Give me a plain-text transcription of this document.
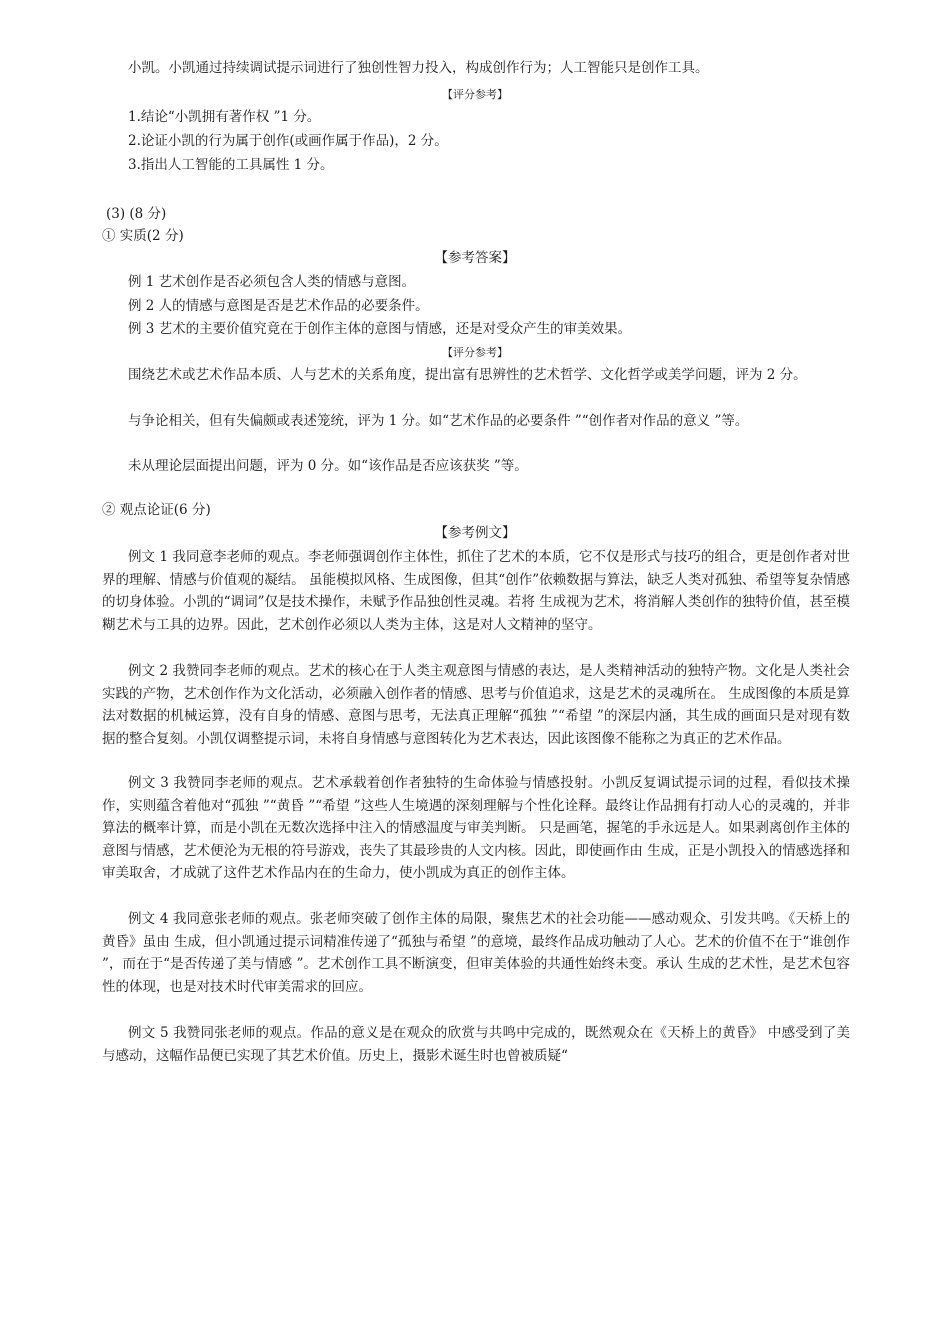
小凯。小凯通过持续调试提示词进行了独创性智力投入，构成创作行为；人工智能只是创作工具。
【评分参考】
1.结论“小凯拥有著作权 ”1 分。
2.论证小凯的行为属于创作(或画作属于作品)，2 分。
3.指出人工智能的工具属性 1 分。
(3) (8 分)
① 实质(2 分)
【参考答案】
例 1 艺术创作是否必须包含人类的情感与意图。
例 2 人的情感与意图是否是艺术作品的必要条件。
例 3 艺术的主要价值究竟在于创作主体的意图与情感，还是对受众产生的审美效果。
【评分参考】

围绕艺术或艺术作品本质、人与艺术的关系角度，提出富有思辨性的艺术哲学、文化哲学或美学问题，评为 2 分。

与争论相关，但有失偏颇或表述笼统，评为 1 分。如“艺术作品的必要条件 ”“创作者对作品的意义 ”等。

未从理论层面提出问题，评为 0 分。如“该作品是否应该获奖 ”等。

② 观点论证(6 分)
【参考例文】

例文 1 我同意李老师的观点。李老师强调创作主体性，抓住了艺术的本质，它不仅是形式与技巧的组合，更是创作者对世界的理解、情感与价值观的凝结。 虽能模拟风格、生成图像，但其“创作”依赖数据与算法，缺乏人类对孤独、希望等复杂情感的切身体验。小凯的“调词”仅是技术操作，未赋予作品独创性灵魂。若将 生成视为艺术，将消解人类创作的独特价值，甚至模糊艺术与工具的边界。因此，艺术创作必须以人类为主体，这是对人文精神的坚守。

例文 2 我赞同李老师的观点。艺术的核心在于人类主观意图与情感的表达，是人类精神活动的独特产物。文化是人类社会实践的产物，艺术创作作为文化活动，必须融入创作者的情感、思考与价值追求，这是艺术的灵魂所在。 生成图像的本质是算法对数据的机械运算，没有自身的情感、意图与思考，无法真正理解“孤独 ”“希望 ”的深层内涵，其生成的画面只是对现有数据的整合复刻。小凯仅调整提示词，未将自身情感与意图转化为艺术表达，因此该图像不能称之为真正的艺术作品。

例文 3 我赞同李老师的观点。艺术承载着创作者独特的生命体验与情感投射。小凯反复调试提示词的过程，看似技术操作，实则蕴含着他对“孤独 ”“黄昏 ”“希望 ”这些人生境遇的深刻理解与个性化诠释。最终让作品拥有打动人心的灵魂的，并非算法的概率计算，而是小凯在无数次选择中注入的情感温度与审美判断。 只是画笔，握笔的手永远是人。如果剥离创作主体的意图与情感，艺术便沦为无根的符号游戏，丧失了其最珍贵的人文内核。因此，即使画作由 生成，正是小凯投入的情感选择和审美取舍，才成就了这件艺术作品内在的生命力，使小凯成为真正的创作主体。

例文 4 我同意张老师的观点。张老师突破了创作主体的局限，聚焦艺术的社会功能——感动观众、引发共鸣。《天桥上的黄昏》虽由 生成，但小凯通过提示词精准传递了“孤独与希望 ”的意境，最终作品成功触动了人心。艺术的价值不在于“谁创作 ”，而在于“是否传递了美与情感 ”。艺术创作工具不断演变，但审美体验的共通性始终未变。承认 生成的艺术性，是艺术包容性的体现，也是对技术时代审美需求的回应。

例文 5 我赞同张老师的观点。作品的意义是在观众的欣赏与共鸣中完成的，既然观众在《天桥上的黄昏》 中感受到了美与感动，这幅作品便已实现了其艺术价值。历史上，摄影术诞生时也曾被质疑“
